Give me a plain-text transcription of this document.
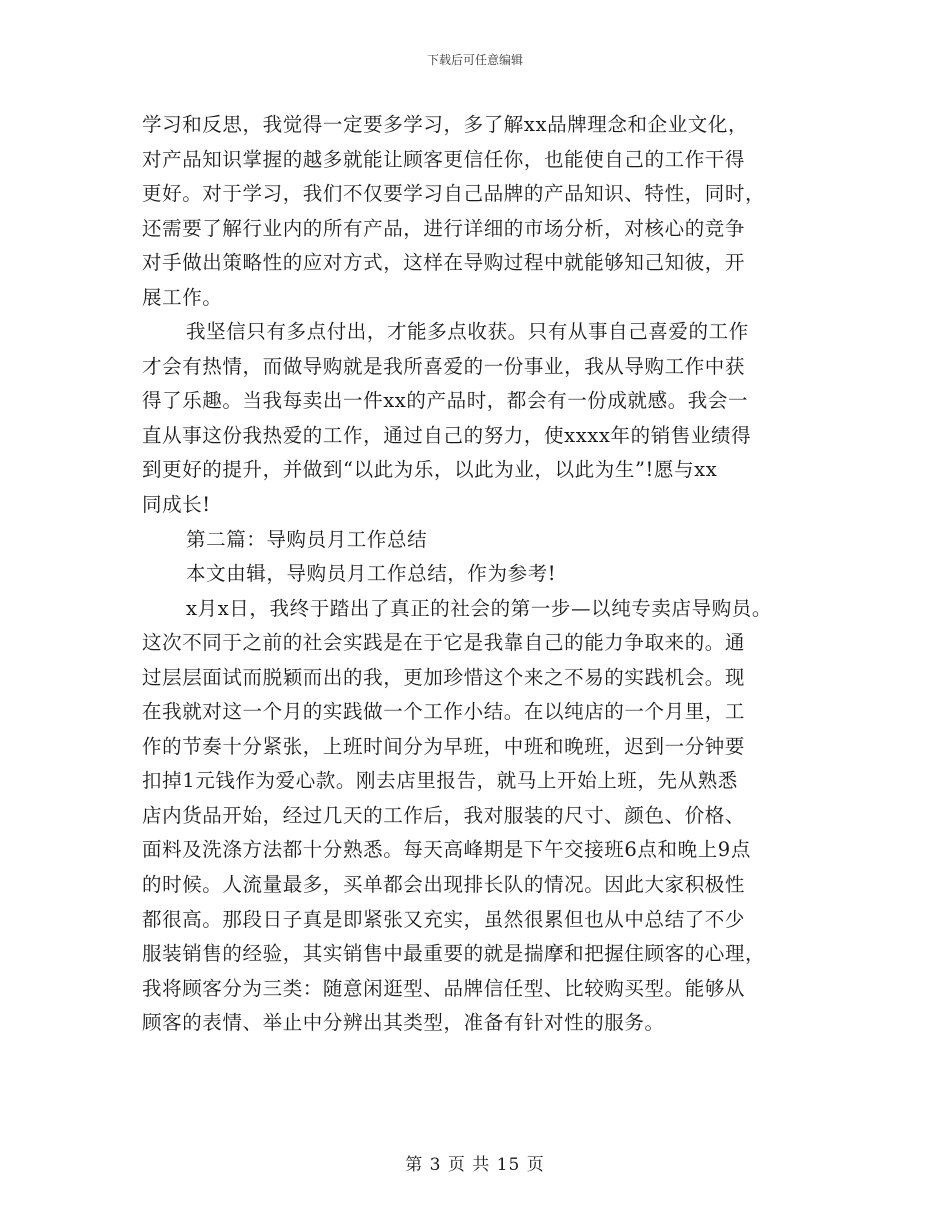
下载后可任意编辑
学习和反思，我觉得一定要多学习，多了解xx品牌理念和企业文化，
对产品知识掌握的越多就能让顾客更信任你，也能使自己的工作干得
更好。对于学习，我们不仅要学习自己品牌的产品知识、特性，同时，
还需要了解行业内的所有产品，进行详细的市场分析，对核心的竞争
对手做出策略性的应对方式，这样在导购过程中就能够知己知彼，开
展工作。
我坚信只有多点付出，才能多点收获。只有从事自己喜爱的工作
才会有热情，而做导购就是我所喜爱的一份事业，我从导购工作中获
得了乐趣。当我每卖出一件xx的产品时，都会有一份成就感。我会一
直从事这份我热爱的工作，通过自己的努力，使xxxx年的销售业绩得
到更好的提升，并做到“以此为乐，以此为业，以此为生”!愿与xx
同成长!
第二篇：导购员月工作总结
本文由辑，导购员月工作总结，作为参考!
x月x日，我终于踏出了真正的社会的第一步—以纯专卖店导购员。
这次不同于之前的社会实践是在于它是我靠自己的能力争取来的。通
过层层面试而脱颖而出的我，更加珍惜这个来之不易的实践机会。现
在我就对这一个月的实践做一个工作小结。在以纯店的一个月里，工
作的节奏十分紧张，上班时间分为早班，中班和晚班，迟到一分钟要
扣掉1元钱作为爱心款。刚去店里报告，就马上开始上班，先从熟悉
店内货品开始，经过几天的工作后，我对服装的尺寸、颜色、价格、
面料及洗涤方法都十分熟悉。每天高峰期是下午交接班6点和晚上9点
的时候。人流量最多，买单都会出现排长队的情况。因此大家积极性
都很高。那段日子真是即紧张又充实，虽然很累但也从中总结了不少
服装销售的经验，其实销售中最重要的就是揣摩和把握住顾客的心理，
我将顾客分为三类：随意闲逛型、品牌信任型、比较购买型。能够从
顾客的表情、举止中分辨出其类型，准备有针对性的服务。
第 3 页 共 15 页
